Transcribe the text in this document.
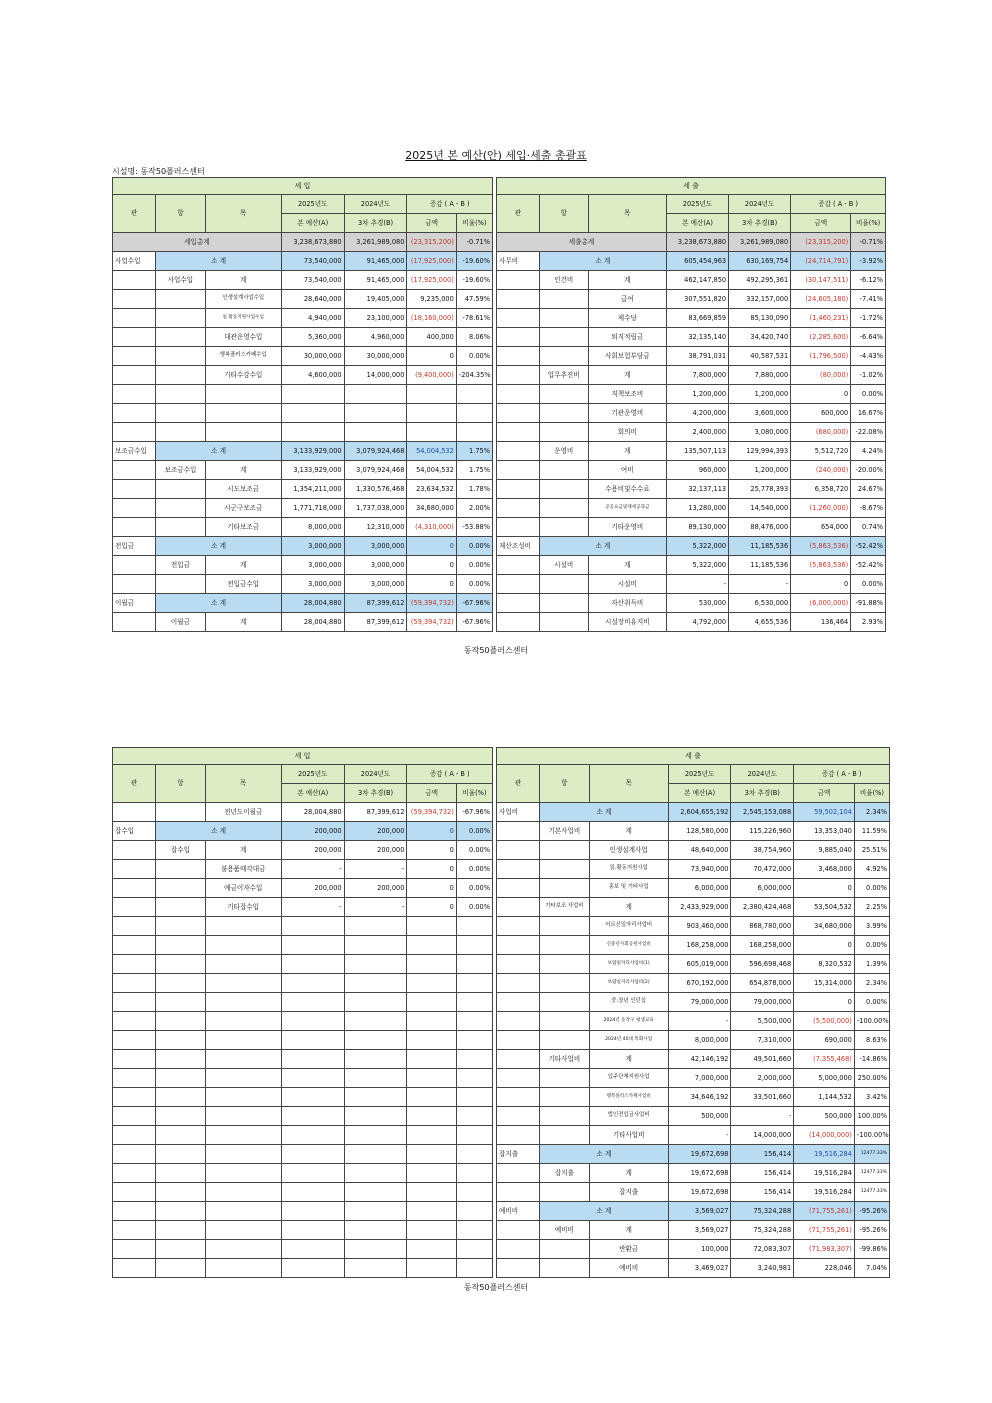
2025년 본 예산(안) 세입·세출 총괄표
시설명: 동작50플러스센터
세 입						
관	항	목	2025년도	2024년도	증감 ( A - B )	
			본 예산(A)	3차 추경(B)	금액	비율(%)
세입총계			3,238,673,880	3,261,989,080	(23,315,200)	-0.71%
사업수입	소 계		73,540,000	91,465,000	(17,925,000)	-19.60%
	사업수입	계	73,540,000	91,465,000	(17,925,000)	-19.60%
		인생설계사업수입	28,640,000	19,405,000	9,235,000	47.59%
		일.활동지원사업수입	4,940,000	23,100,000	(18,160,000)	-78.61%
		대관운영수입	5,360,000	4,960,000	400,000	8.06%
		행복플러스카페수입	30,000,000	30,000,000	0	0.00%
		기타수강수입	4,600,000	14,000,000	(9,400,000)	-204.35%

보조금수입	소 계		3,133,929,000	3,079,924,468	54,004,532	1.75%
	보조금수입	계	3,133,929,000	3,079,924,468	54,004,532	1.75%
		시도보조금	1,354,211,000	1,330,576,468	23,634,532	1.78%
		시군구보조금	1,771,718,000	1,737,038,000	34,680,000	2.00%
		기타보조금	8,000,000	12,310,000	(4,310,000)	-53.88%
전입금	소 계		3,000,000	3,000,000	0	0.00%
	전입금	계	3,000,000	3,000,000	0	0.00%
		전입금수입	3,000,000	3,000,000	0	0.00%
이월금	소 계		28,004,880	87,399,612	(59,394,732)	-67.96%
	이월금	계	28,004,880	87,399,612	(59,394,732)	-67.96%
세 출						
관	항	목	2025년도	2024년도	증감 ( A - B )	
			본 예산(A)	3차 추경(B)	금액	비율(%)
세출총계			3,238,673,880	3,261,989,080	(23,315,200)	-0.71%
사무비	소 계		605,454,963	630,169,754	(24,714,791)	-3.92%
	인건비	계	462,147,850	492,295,361	(30,147,511)	-6.12%
		급여	307,551,820	332,157,000	(24,605,180)	-7.41%
		제수당	83,669,859	85,130,090	(1,460,231)	-1.72%
		퇴직적립금	32,135,140	34,420,740	(2,285,600)	-6.64%
		사회보험부담금	38,791,031	40,587,531	(1,796,500)	-4.43%
	업무추진비	계	7,800,000	7,880,000	(80,000)	-1.02%
		직책보조비	1,200,000	1,200,000	0	0.00%
		기관운영비	4,200,000	3,600,000	600,000	16.67%
		회의비	2,400,000	3,080,000	(680,000)	-22.08%
	운영비	계	135,507,113	129,994,393	5,512,720	4.24%
		여비	960,000	1,200,000	(240,000)	-20.00%
		수용비및수수료	32,137,113	25,778,393	6,358,720	24.67%
		공공요금및제세공과금	13,280,000	14,540,000	(1,260,000)	-8.67%
		기타운영비	89,130,000	88,476,000	654,000	0.74%
재산조성비	소 계		5,322,000	11,185,536	(5,863,536)	-52.42%
	시설비	계	5,322,000	11,185,536	(5,863,536)	-52.42%
		시설비	-	-	0	0.00%
		자산취득비	530,000	6,530,000	(6,000,000)	-91.88%
		시설장비유지비	4,792,000	4,655,536	136,464	2.93%
동작50플러스센터
세 입						
관	항	목	2025년도	2024년도	증감 ( A - B )	
			본 예산(A)	3차 추경(B)	금액	비율(%)
		전년도이월금	28,004,880	87,399,612	(59,394,732)	-67.96%
잡수입	소 계		200,000	200,000	0	0.00%
	잡수입	계	200,000	200,000	0	0.00%
		불용품매각대금	-	-	0	0.00%
		예금이자수입	200,000	200,000	0	0.00%
		기타잡수입	-	-	0	0.00%

세 출						
관	항	목	2025년도	2024년도	증감 ( A - B )	
			본 예산(A)	3차 추경(B)	금액	비율(%)
사업비	소 계		2,604,655,192	2,545,153,088	59,502,104	2.34%
	기본사업비	계	128,580,000	115,226,960	13,353,040	11.59%
		인생설계사업	48,640,000	38,754,960	9,885,040	25.51%
		일.활동지원사업	73,940,000	70,472,000	3,468,000	4.92%
		홍보 및 기타사업	6,000,000	6,000,000	0	0.00%
	기타보조 사업비	계	2,433,929,000	2,380,424,468	53,504,532	2.25%
		어르신일자리사업비	903,460,000	868,780,000	34,680,000	3.99%
		신중년사회공헌사업비	168,258,000	168,258,000	0	0.00%
		보람일자리사업비(1)	605,019,000	596,698,468	8,320,532	1.39%
		보람일자리사업비(2)	670,192,000	654,878,000	15,314,000	2.34%
		중.장년 인턴십	79,000,000	79,000,000	0	0.00%
		2024년 동작구 평생교육	-	5,500,000	(5,500,000)	-100.00%
		2024년 40대 특화사업	8,000,000	7,310,000	690,000	8.63%
	기타사업비	계	42,146,192	49,501,660	(7,355,468)	-14.86%
		입주단체지원사업	7,000,000	2,000,000	5,000,000	250.00%
		행복플러스카페사업비	34,646,192	33,501,660	1,144,532	3.42%
		법인전입금사업비	500,000	-	500,000	100.00%
		기타사업비	-	14,000,000	(14,000,000)	-100.00%
잡지출	소 계		19,672,698	156,414	19,516,284	12477.33%
	잡지출	계	19,672,698	156,414	19,516,284	12477.33%
		잡지출	19,672,698	156,414	19,516,284	12477.33%
예비비	소 계		3,569,027	75,324,288	(71,755,261)	-95.26%
	예비비	계	3,569,027	75,324,288	(71,755,261)	-95.26%
		반환금	100,000	72,083,307	(71,983,307)	-99.86%
		예비비	3,469,027	3,240,981	228,046	7.04%
동작50플러스센터
